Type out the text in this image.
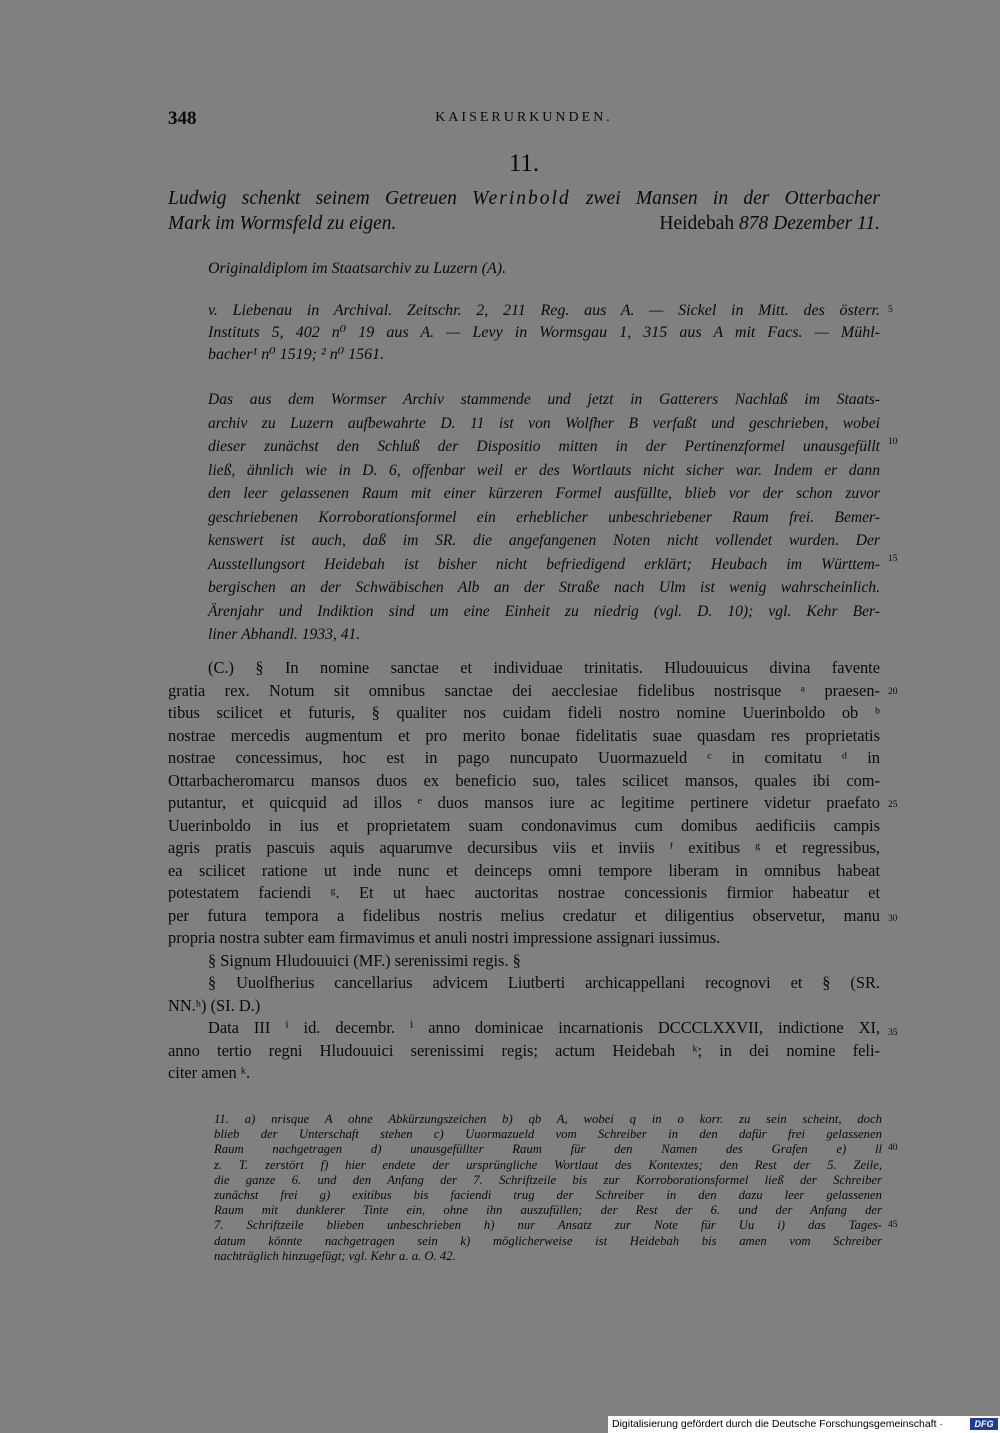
348	KAISERURKUNDEN.
11.
Ludwig schenkt seinem Getreuen Werinbold zwei Mansen in der Otterbacher
Mark im Wormsfeld zu eigen.	Heidebah 878 Dezember 11.
Originaldiplom im Staatsarchiv zu Luzern (A).
v. Liebenau in Archival. Zeitschr. 2, 211 Reg. aus A. — Sickel in Mitt. des österr.
Instituts 5, 402 n⁰ 19 aus A. — Levy in Wormsgau 1, 315 aus A mit Facs. — Mühl-
bacher¹ n⁰ 1519; ² n⁰ 1561.
Das aus dem Wormser Archiv stammende und jetzt in Gatterers Nachlaß im Staats-
archiv zu Luzern aufbewahrte D. 11 ist von Wolfher B verfaßt und geschrieben, wobei
dieser zunächst den Schluß der Dispositio mitten in der Pertinenzformel unausgefüllt
ließ, ähnlich wie in D. 6, offenbar weil er des Wortlauts nicht sicher war. Indem er dann
den leer gelassenen Raum mit einer kürzeren Formel ausfüllte, blieb vor der schon zuvor
geschriebenen Korroborationsformel ein erheblicher unbeschriebener Raum frei. Bemer-
kenswert ist auch, daß im SR. die angefangenen Noten nicht vollendet wurden. Der
Ausstellungsort Heidebah ist bisher nicht befriedigend erklärt; Heubach im Württem-
bergischen an der Schwäbischen Alb an der Straße nach Ulm ist wenig wahrscheinlich.
Ärenjahr und Indiktion sind um eine Einheit zu niedrig (vgl. D. 10); vgl. Kehr Ber-
liner Abhandl. 1933, 41.
(C.) § In nomine sanctae et individuae trinitatis. Hludouuicus divina favente
gratia rex. Notum sit omnibus sanctae dei aecclesiae fidelibus nostrisque ᵃ praesen-
tibus scilicet et futuris, § qualiter nos cuidam fideli nostro nomine Uuerinboldo ob ᵇ
nostrae mercedis augmentum et pro merito bonae fidelitatis suae quasdam res proprietatis
nostrae concessimus, hoc est in pago nuncupato Uuormazueld ᶜ in comitatu ᵈ in
Ottarbacheromarcu mansos duos ex beneficio suo, tales scilicet mansos, quales ibi com-
putantur, et quicquid ad illos ᵉ duos mansos iure ac legitime pertinere videtur praefato
Uuerinboldo in ius et proprietatem suam condonavimus cum domibus aedificiis campis
agris pratis pascuis aquis aquarumve decursibus viis et inviis ᶠ exitibus ᵍ et regressibus,
ea scilicet ratione ut inde nunc et deinceps omni tempore liberam in omnibus habeat
potestatem faciendi ᵍ. Et ut haec auctoritas nostrae concessionis firmior habeatur et
per futura tempora a fidelibus nostris melius credatur et diligentius observetur, manu
propria nostra subter eam firmavimus et anuli nostri impressione assignari iussimus.
§ Signum Hludouuici (MF.) serenissimi regis. §
§ Uuolfherius cancellarius advicem Liutberti archicappellani recognovi et § (SR.
NN.ʰ) (SI. D.)
Data III ⁱ id. decembr. ⁱ anno dominicae incarnationis DCCCLXXVII, indictione XI,
anno tertio regni Hludouuici serenissimi regis; actum Heidebah ᵏ; in dei nomine feli-
citer amen ᵏ.
11. a) nrisque A ohne Abkürzungszeichen b) qb A, wobei q in o korr. zu sein scheint, doch
blieb der Unterschaft stehen c) Uuormazueld vom Schreiber in den dafür frei gelassenen
Raum nachgetragen d) unausgefüllter Raum für den Namen des Grafen e) ll
z. T. zerstört f) hier endete der ursprüngliche Wortlaut des Kontextes; den Rest der 5. Zeile,
die ganze 6. und den Anfang der 7. Schriftzeile bis zur Korroborationsformel ließ der Schreiber
zunächst frei g) exitibus bis faciendi trug der Schreiber in den dazu leer gelassenen
Raum mit dunklerer Tinte ein, ohne ihn auszufüllen; der Rest der 6. und der Anfang der
7. Schriftzeile blieben unbeschrieben h) nur Ansatz zur Note für Uu i) das Tages-
datum könnte nachgetragen sein k) möglicherweise ist Heidebah bis amen vom Schreiber
nachträglich hinzugefügt; vgl. Kehr a. a. O. 42.
5
10
15
20
25
30
35
40
45
Digitalisierung gefördert durch die Deutsche Forschungsgemeinschaft ·	DFG
